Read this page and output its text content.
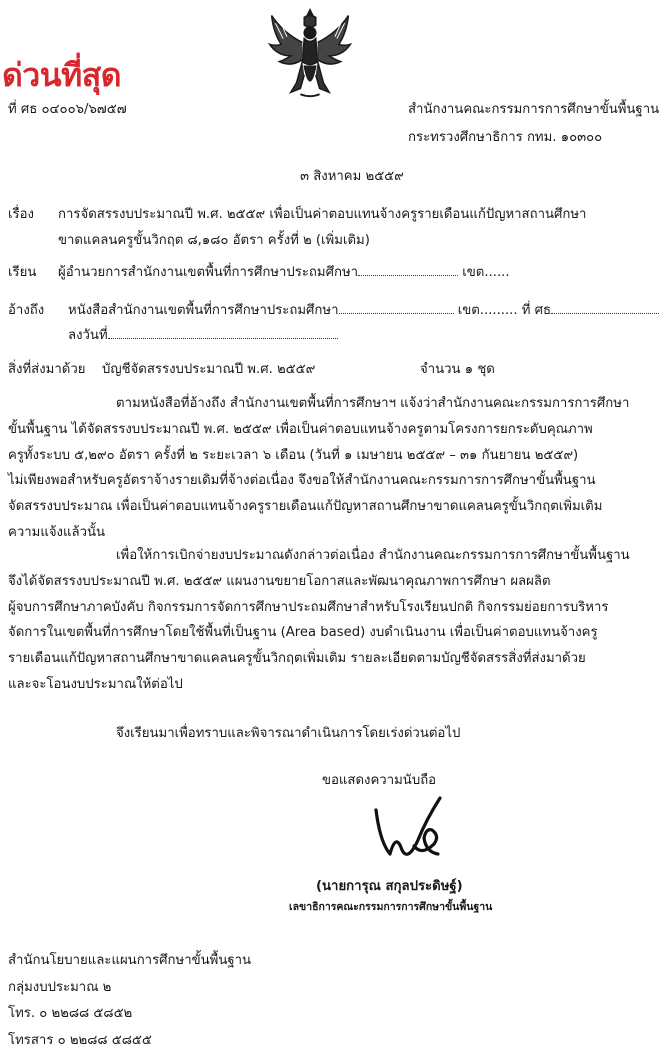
ด่วนที่สุด
ที่ ศธ ๐๔๐๐๖/๖๗๕๗	สำนักงานคณะกรรมการการศึกษาขั้นพื้นฐาน
กระทรวงศึกษาธิการ กทม. ๑๐๓๐๐
๓ สิงหาคม ๒๕๕๙
เรื่อง การจัดสรรงบประมาณปี พ.ศ. ๒๕๕๙ เพื่อเป็นค่าตอบแทนจ้างครูรายเดือนแก้ปัญหาสถานศึกษา
ขาดแคลนครูขั้นวิกฤต ๘,๑๘๐ อัตรา ครั้งที่ ๒ (เพิ่มเติม)
เรียน ผู้อำนวยการสำนักงานเขตพื้นที่การศึกษาประถมศึกษา	เขต......
อ้างถึง หนังสือสำนักงานเขตพื้นที่การศึกษาประถมศึกษา	เขต......... ที่ ศธ
ลงวันที่
สิ่งที่ส่งมาด้วย บัญชีจัดสรรงบประมาณปี พ.ศ. ๒๕๕๙	จำนวน ๑ ชุด
ตามหนังสือที่อ้างถึง สำนักงานเขตพื้นที่การศึกษาฯ แจ้งว่าสำนักงานคณะกรรมการการศึกษา
ขั้นพื้นฐาน ได้จัดสรรงบประมาณปี พ.ศ. ๒๕๕๙ เพื่อเป็นค่าตอบแทนจ้างครูตามโครงการยกระดับคุณภาพ
ครูทั้งระบบ ๕,๒๙๐ อัตรา ครั้งที่ ๒ ระยะเวลา ๖ เดือน (วันที่ ๑ เมษายน ๒๕๕๙ – ๓๑ กันยายน ๒๕๕๙)
ไม่เพียงพอสำหรับครูอัตราจ้างรายเดิมที่จ้างต่อเนื่อง จึงขอให้สำนักงานคณะกรรมการการศึกษาขั้นพื้นฐาน
จัดสรรงบประมาณ เพื่อเป็นค่าตอบแทนจ้างครูรายเดือนแก้ปัญหาสถานศึกษาขาดแคลนครูขั้นวิกฤตเพิ่มเติม
ความแจ้งแล้วนั้น
เพื่อให้การเบิกจ่ายงบประมาณดังกล่าวต่อเนื่อง สำนักงานคณะกรรมการการศึกษาขั้นพื้นฐาน
จึงได้จัดสรรงบประมาณปี พ.ศ. ๒๕๕๙ แผนงานขยายโอกาสและพัฒนาคุณภาพการศึกษา ผลผลิต
ผู้จบการศึกษาภาคบังคับ กิจกรรมการจัดการศึกษาประถมศึกษาสำหรับโรงเรียนปกติ กิจกรรมย่อยการบริหาร
จัดการในเขตพื้นที่การศึกษาโดยใช้พื้นที่เป็นฐาน (Area based) งบดำเนินงาน เพื่อเป็นค่าตอบแทนจ้างครู
รายเดือนแก้ปัญหาสถานศึกษาขาดแคลนครูขั้นวิกฤตเพิ่มเติม รายละเอียดตามบัญชีจัดสรรสิ่งที่ส่งมาด้วย
และจะโอนงบประมาณให้ต่อไป
จึงเรียนมาเพื่อทราบและพิจารณาดำเนินการโดยเร่งด่วนต่อไป
ขอแสดงความนับถือ
(นายการุณ สกุลประดิษฐ์)
เลขาธิการคณะกรรมการการศึกษาขั้นพื้นฐาน
สำนักนโยบายและแผนการศึกษาขั้นพื้นฐาน
กลุ่มงบประมาณ ๒
โทร. ๐ ๒๒๘๘ ๕๘๕๒
โทรสาร ๐ ๒๒๘๘ ๕๘๕๕
